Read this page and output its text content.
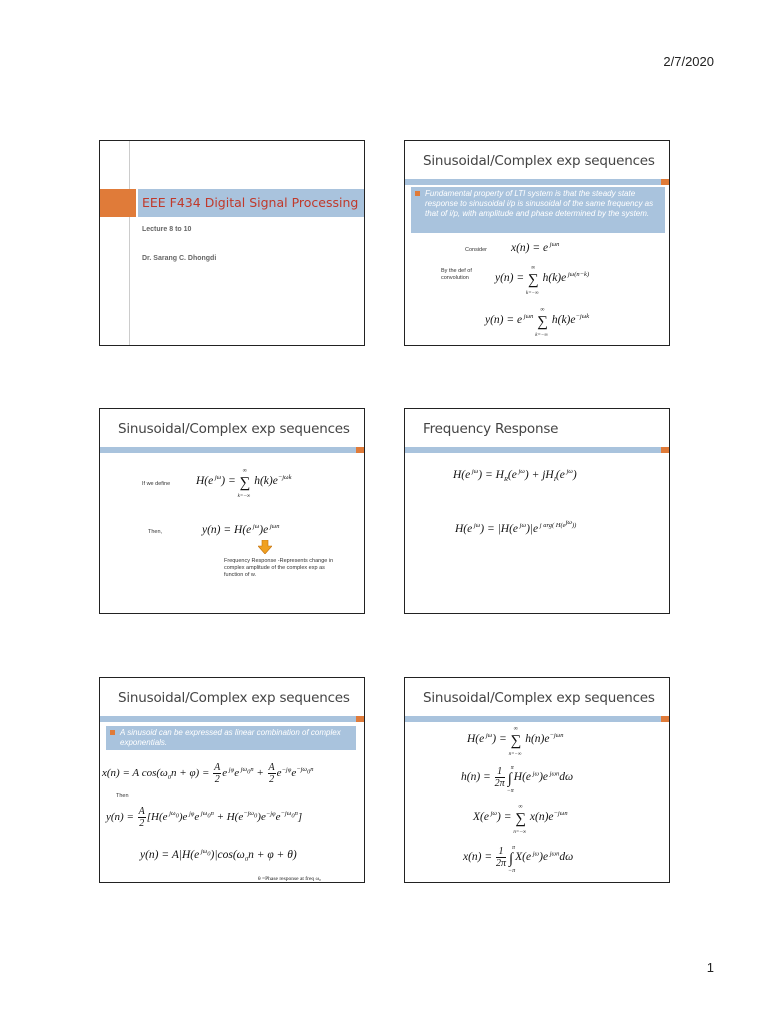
2/7/2020
EEE F434 Digital Signal Processing
Lecture 8 to 10
Dr. Sarang C. Dhongdi
Sinusoidal/Complex exp sequences
Fundamental property of LTI system is that the steady state response to sinusoidal i/p is sinusoidal of the same frequency as that of i/p, with amplitude and phase determined by the system.
Consider x(n) = e $^{j\omega n}$
By the def of convolution	y(n) = ∑
∞
k=−∞
h(k)e $^{j\omega(n-k)}$
y(n) = e $^{j\omega n}$ ∑
∞
k=−∞
$h(k)e^{-j\omega k}$
Sinusoidal/Complex exp sequences
If we define H(e $^{j\omega}$) = ∑
∞
k=−∞
$h(k)e^{-j\omega k}$
Then,	y(n) = H(e $^{j\omega}$)e $^{j\omega n}$
Frequency Response -Represents change in complex amplitude of the complex exp as function of w.
Frequency Response
H(e $^{j\omega}) = H_R(e$ $^{j\omega}) + jH_I(e$ $^{j\omega}$)
H(e $^{j\omega}$) = |H(e $^{j\omega}$)|e $^{j arg( H(e^{j\omega}))}$
Sinusoidal/Complex exp sequences
A sinusoid can be expressed as linear combination of complex exponentials.
x(n) = A $\cos(\omega_0n + \varphi) = \frac{A}{2}$ e $^{j\varphi}$e $^{j\omega_0n} + \frac{A}{2} e^{-j\varphi}e^{-j\omega_0n}$
Then
$y(n) = \frac{A}{2} [H(e$ $^{j\omega_0}$)e $^{j\varphi}$e $^{j\omega_0n} + H(e^{-j\omega_0})e^{-j\varphi}e^{-j\omega_0n}$]
y(n) = A|H(e $^{j\omega_0})|\cos(\omega_0n + \varphi + \theta)$
θ =Phase response at freq ω₀
Sinusoidal/Complex exp sequences
H(e $^{j\omega}$) = ∑
∞
n=−∞
$h(n)e^{-j\omega n}$
$h(n) = \frac{1}{2\pi}$ ∫
π
−π
H(e $^{j\omega}$)e $^{j\omega n}$dω
X(e $^{j\omega}$) = ∑
∞
n=−∞
$x(n)e^{-j\omega n}$
$x(n) = \frac{1}{2\pi}$ ∫
π
−π
X(e $^{j\omega}$)e $^{j\omega n}$dω
1
